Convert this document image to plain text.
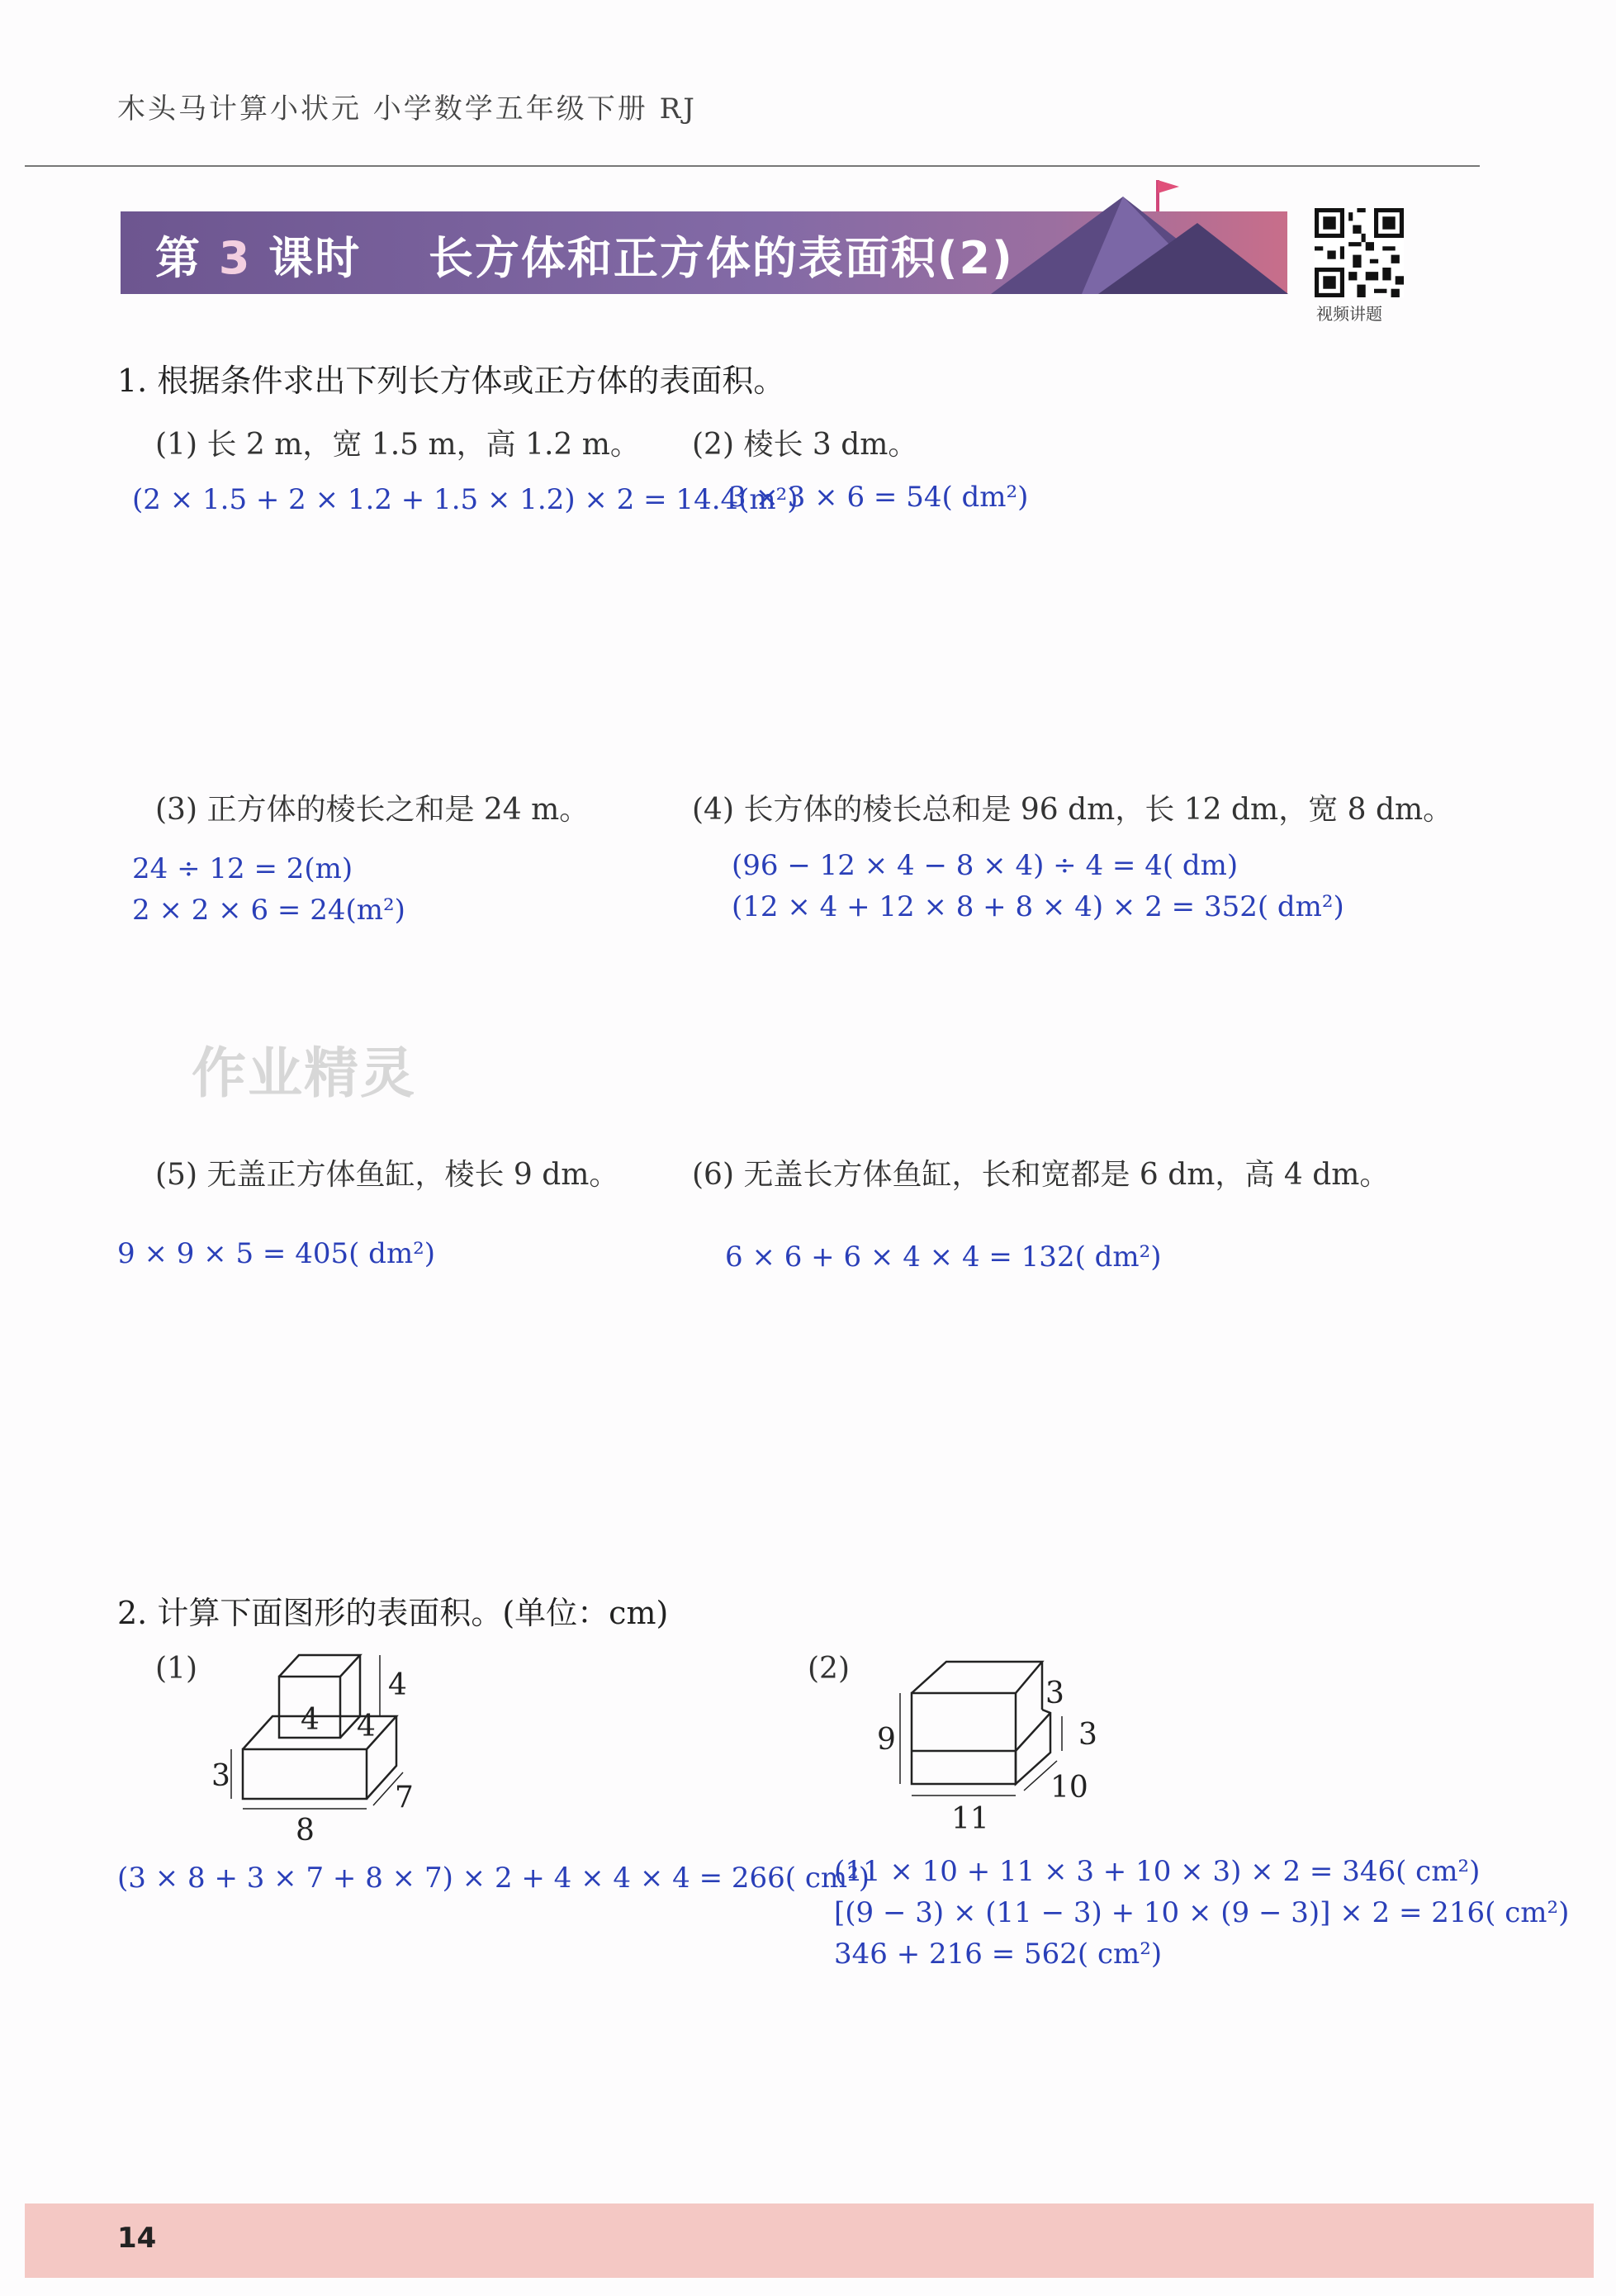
木头马计算小状元 小学数学五年级下册 RJ
第 3 课时 长方体和正方体的表面积(2)
视频讲题
1. 根据条件求出下列长方体或正方体的表面积。
(1) 长 2 m，宽 1.5 m，高 1.2 m。
(2 × 1.5 + 2 × 1.2 + 1.5 × 1.2) × 2 = 14.4(m²)
(2) 棱长 3 dm。
3 × 3 × 6 = 54( dm²)
(3) 正方体的棱长之和是 24 m。
24 ÷ 12 = 2(m)
2 × 2 × 6 = 24(m²)
(4) 长方体的棱长总和是 96 dm，长 12 dm，宽 8 dm。
(96 − 12 × 4 − 8 × 4) ÷ 4 = 4( dm)
(12 × 4 + 12 × 8 + 8 × 4) × 2 = 352( dm²)
作业精灵
(5) 无盖正方体鱼缸，棱长 9 dm。
9 × 9 × 5 = 405( dm²)
(6) 无盖长方体鱼缸，长和宽都是 6 dm，高 4 dm。
6 × 6 + 6 × 4 × 4 = 132( dm²)
2. 计算下面图形的表面积。(单位：cm)
(1)	4
4 4
3
8
7
(3 × 8 + 3 × 7 + 8 × 7) × 2 + 4 × 4 × 4 = 266( cm²)
(2)
3
3
9
11
10
(11 × 10 + 11 × 3 + 10 × 3) × 2 = 346( cm²)
[(9 − 3) × (11 − 3) + 10 × (9 − 3)] × 2 = 216( cm²)
346 + 216 = 562( cm²)
14
